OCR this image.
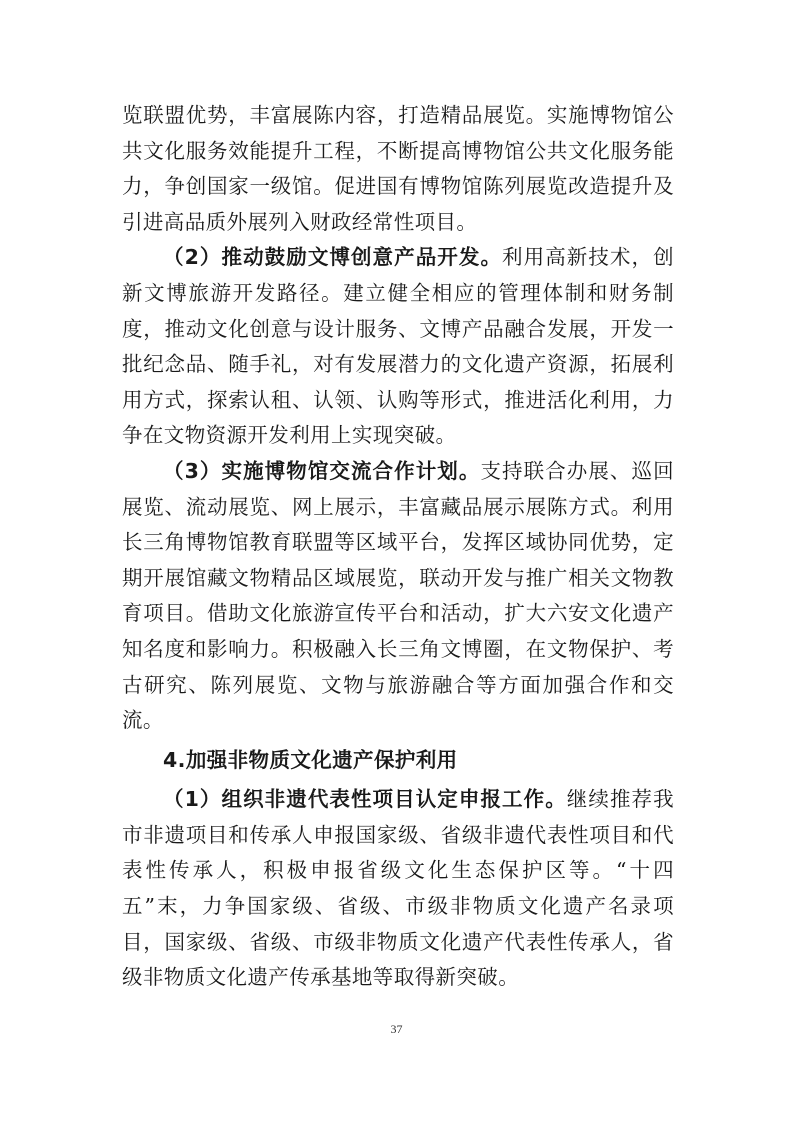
览联盟优势，丰富展陈内容，打造精品展览。实施博物馆公共文化服务效能提升工程，不断提高博物馆公共文化服务能力，争创国家一级馆。促进国有博物馆陈列展览改造提升及引进高品质外展列入财政经常性项目。

（2）推动鼓励文博创意产品开发。利用高新技术，创新文博旅游开发路径。建立健全相应的管理体制和财务制度，推动文化创意与设计服务、文博产品融合发展，开发一批纪念品、随手礼，对有发展潜力的文化遗产资源，拓展利用方式，探索认租、认领、认购等形式，推进活化利用，力争在文物资源开发利用上实现突破。

（3）实施博物馆交流合作计划。支持联合办展、巡回展览、流动展览、网上展示，丰富藏品展示展陈方式。利用长三角博物馆教育联盟等区域平台，发挥区域协同优势，定期开展馆藏文物精品区域展览，联动开发与推广相关文物教育项目。借助文化旅游宣传平台和活动，扩大六安文化遗产知名度和影响力。积极融入长三角文博圈，在文物保护、考古研究、陈列展览、文物与旅游融合等方面加强合作和交流。

4.加强非物质文化遗产保护利用

（1）组织非遗代表性项目认定申报工作。继续推荐我市非遗项目和传承人申报国家级、省级非遗代表性项目和代表性传承人，积极申报省级文化生态保护区等。“十四五”末，力争国家级、省级、市级非物质文化遗产名录项目，国家级、省级、市级非物质文化遗产代表性传承人，省级非物质文化遗产传承基地等取得新突破。

37
